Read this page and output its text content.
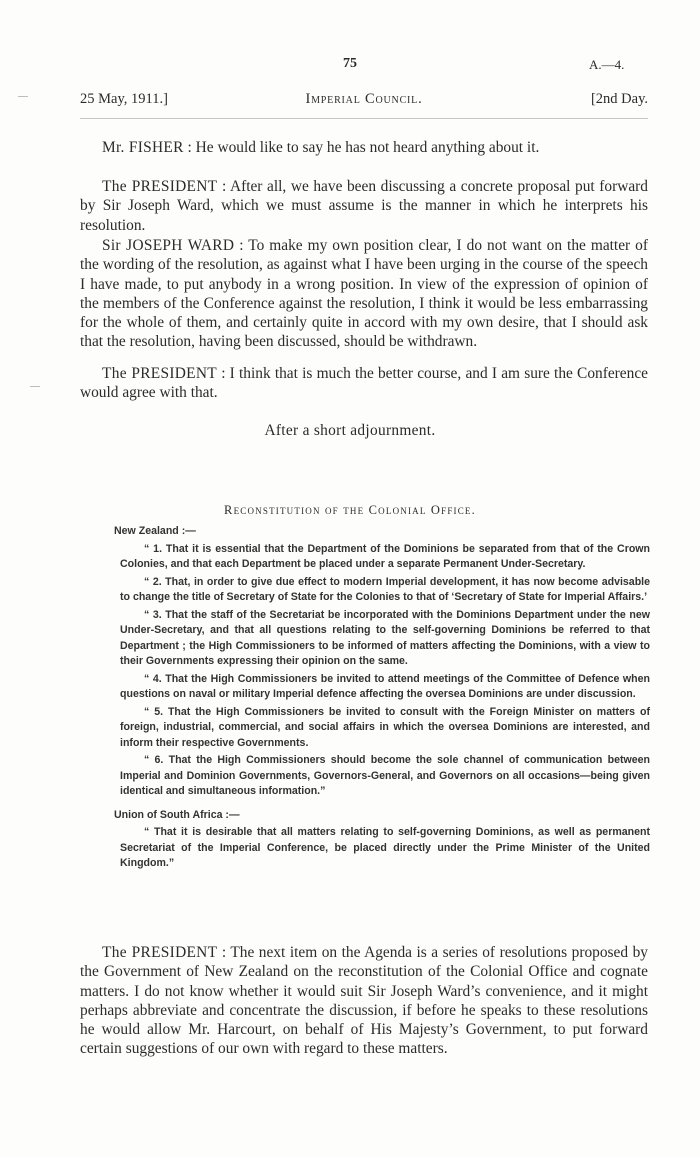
75	A.—4.
25 May, 1911.]	Imperial Council.	[2nd Day.

Mr. FISHER : He would like to say he has not heard anything about it.

The PRESIDENT : After all, we have been discussing a concrete proposal put forward by Sir Joseph Ward, which we must assume is the manner in which he interprets his resolution.

Sir JOSEPH WARD : To make my own position clear, I do not want on the matter of the wording of the resolution, as against what I have been urging in the course of the speech I have made, to put anybody in a wrong position. In view of the expression of opinion of the members of the Conference against the resolution, I think it would be less embarrassing for the whole of them, and certainly quite in accord with my own desire, that I should ask that the resolution, having been discussed, should be withdrawn.

The PRESIDENT : I think that is much the better course, and I am sure the Conference would agree with that.

After a short adjournment.
Reconstitution of the Colonial Office.

New Zealand :—

“ 1. That it is essential that the Department of the Dominions be separated from that of the Crown Colonies, and that each Department be placed under a separate Permanent Under-Secretary.

“ 2. That, in order to give due effect to modern Imperial development, it has now become advisable to change the title of Secretary of State for the Colonies to that of ‘Secretary of State for Imperial Affairs.’

“ 3. That the staff of the Secretariat be incorporated with the Dominions Department under the new Under-Secretary, and that all questions relating to the self-governing Dominions be referred to that Department ; the High Commissioners to be informed of matters affecting the Dominions, with a view to their Governments expressing their opinion on the same.

“ 4. That the High Commissioners be invited to attend meetings of the Committee of Defence when questions on naval or military Imperial defence affecting the oversea Dominions are under discussion.

“ 5. That the High Commissioners be invited to consult with the Foreign Minister on matters of foreign, industrial, commercial, and social affairs in which the oversea Dominions are interested, and inform their respective Governments.

“ 6. That the High Commissioners should become the sole channel of communication between Imperial and Dominion Governments, Governors-General, and Governors on all occasions—being given identical and simultaneous information.”

Union of South Africa :—

“ That it is desirable that all matters relating to self-governing Dominions, as well as permanent Secretariat of the Imperial Conference, be placed directly under the Prime Minister of the United Kingdom.”

The PRESIDENT : The next item on the Agenda is a series of resolutions proposed by the Government of New Zealand on the reconstitution of the Colonial Office and cognate matters. I do not know whether it would suit Sir Joseph Ward’s convenience, and it might perhaps abbreviate and concentrate the discussion, if before he speaks to these resolutions he would allow Mr. Harcourt, on behalf of His Majesty’s Government, to put forward certain suggestions of our own with regard to these matters.
